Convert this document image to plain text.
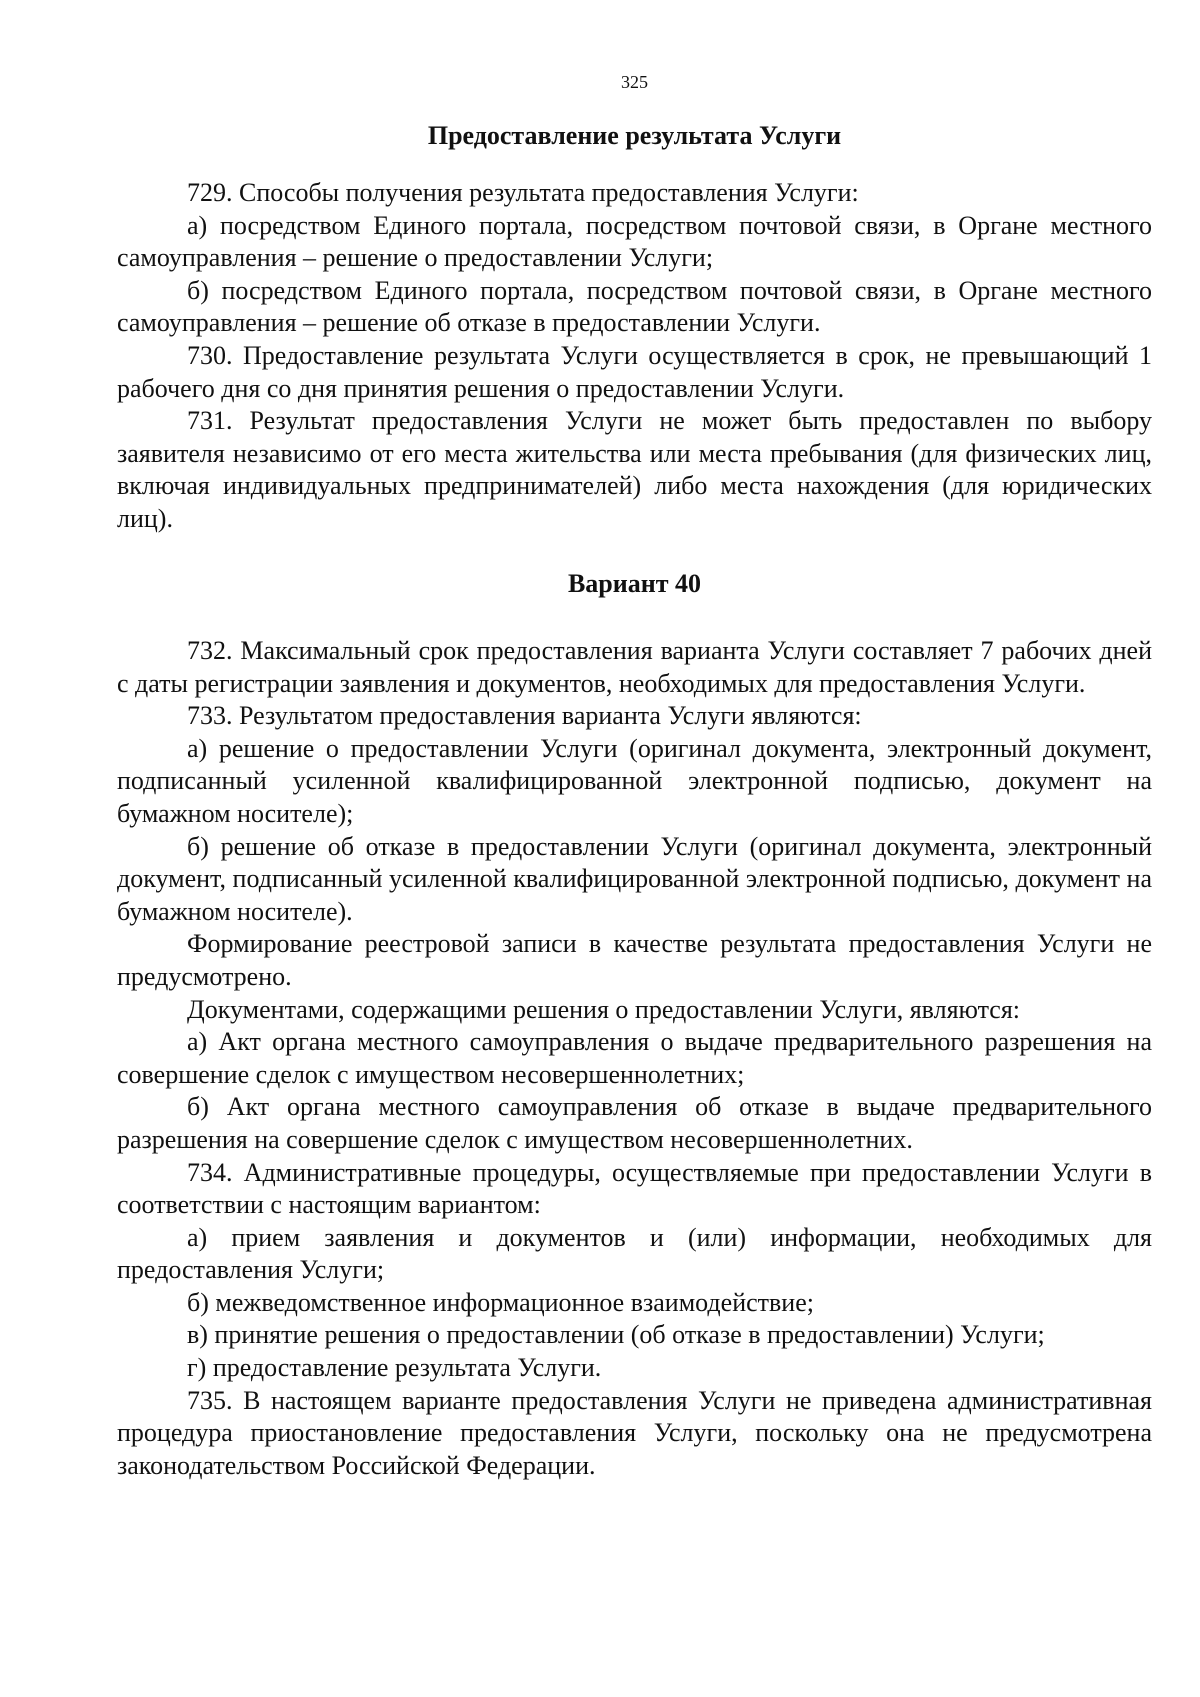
325
Предоставление результата Услуги

729. Способы получения результата предоставления Услуги:

а) посредством Единого портала, посредством почтовой связи, в Органе местного самоуправления – решение о предоставлении Услуги;

б) посредством Единого портала, посредством почтовой связи, в Органе местного самоуправления – решение об отказе в предоставлении Услуги.

730. Предоставление результата Услуги осуществляется в срок, не превышающий 1 рабочего дня со дня принятия решения о предоставлении Услуги.

731. Результат предоставления Услуги не может быть предоставлен по выбору заявителя независимо от его места жительства или места пребывания (для физических лиц, включая индивидуальных предпринимателей) либо места нахождения (для юридических лиц).

Вариант 40

732. Максимальный срок предоставления варианта Услуги составляет 7 рабочих дней с даты регистрации заявления и документов, необходимых для предоставления Услуги.

733. Результатом предоставления варианта Услуги являются:

а) решение о предоставлении Услуги (оригинал документа, электронный документ, подписанный усиленной квалифицированной электронной подписью, документ на бумажном носителе);

б) решение об отказе в предоставлении Услуги (оригинал документа, электронный документ, подписанный усиленной квалифицированной электронной подписью, документ на бумажном носителе).

Формирование реестровой записи в качестве результата предоставления Услуги не предусмотрено.

Документами, содержащими решения о предоставлении Услуги, являются:

а) Акт органа местного самоуправления о выдаче предварительного разрешения на совершение сделок с имуществом несовершеннолетних;

б) Акт органа местного самоуправления об отказе в выдаче предварительного разрешения на совершение сделок с имуществом несовершеннолетних.

734. Административные процедуры, осуществляемые при предоставлении Услуги в соответствии с настоящим вариантом:

а) прием заявления и документов и (или) информации, необходимых для предоставления Услуги;

б) межведомственное информационное взаимодействие;

в) принятие решения о предоставлении (об отказе в предоставлении) Услуги;

г) предоставление результата Услуги.

735. В настоящем варианте предоставления Услуги не приведена административная процедура приостановление предоставления Услуги, поскольку она не предусмотрена законодательством Российской Федерации.
